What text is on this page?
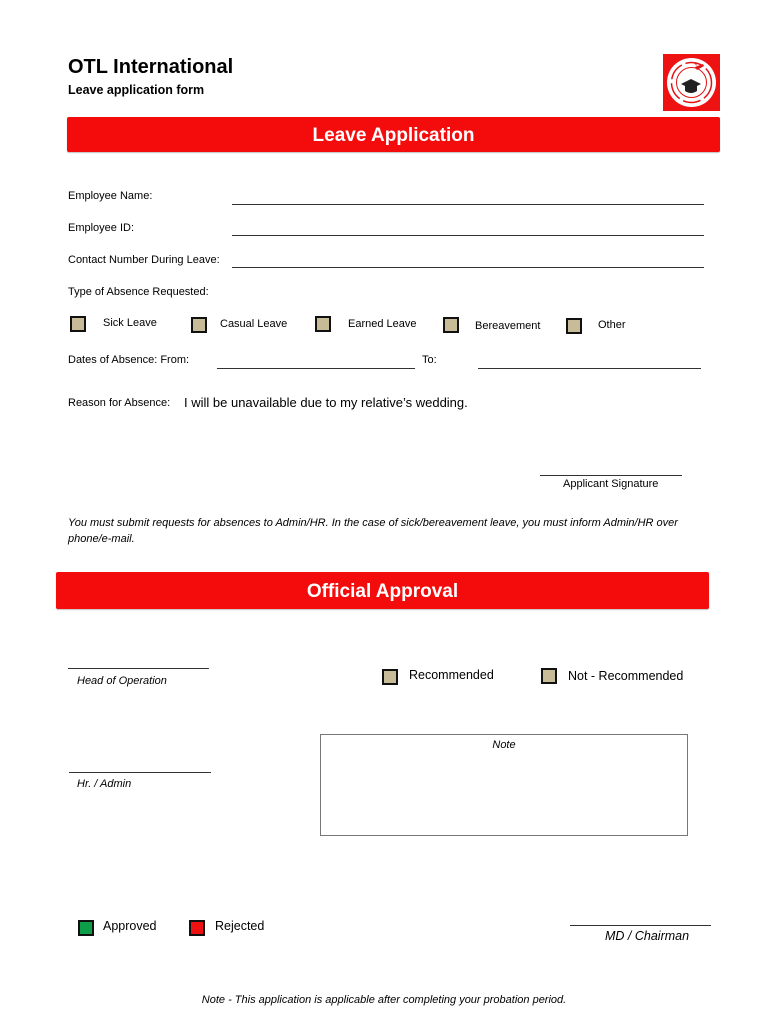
OTL International
Leave application form
Leave Application
Employee Name:
Employee ID:
Contact Number During Leave:
Type of Absence Requested:
Sick Leave	Casual Leave	Earned Leave	Bereavement	Other
Dates of Absence: From:	To:
Reason for Absence: I will be unavailable due to my relative’s wedding.
Applicant Signature
You must submit requests for absences to Admin/HR. In the case of sick/bereavement leave, you must inform Admin/HR over phone/e-mail.
Official Approval
Head of Operation	Recommended	Not - Recommended
Note
Hr. / Admin
Approved	Rejected
MD / Chairman
Note - This application is applicable after completing your probation period.
